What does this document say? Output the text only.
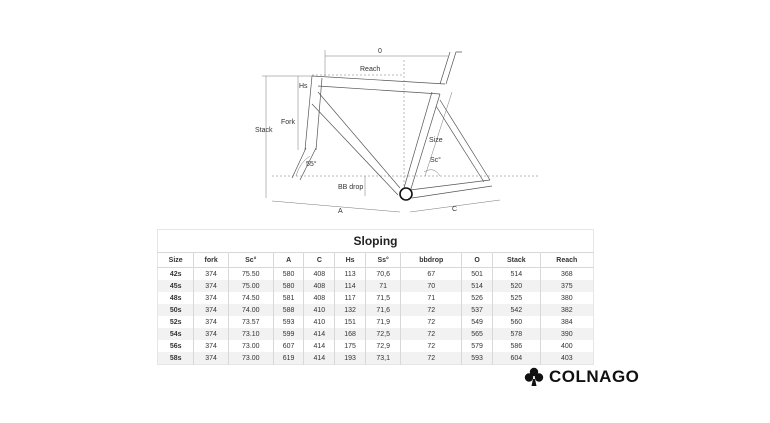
0
Reach
Hs
Fork
Stack
Size
55°
Sc°
BB drop
A	C
Sloping										
Size	fork	Sc°	A	C	Hs	Ss°	bbdrop	O	Stack	Reach
42s	374	75.50	580	408	113	70,6	67	501	514	368
45s	374	75.00	580	408	114	71	70	514	520	375
48s	374	74.50	581	408	117	71,5	71	526	525	380
50s	374	74.00	588	410	132	71,6	72	537	542	382
52s	374	73.57	593	410	151	71,9	72	549	560	384
54s	374	73.10	599	414	168	72,5	72	565	578	390
56s	374	73.00	607	414	175	72,9	72	579	586	400
58s	374	73.00	619	414	193	73,1	72	593	604	403
COLNAGO
